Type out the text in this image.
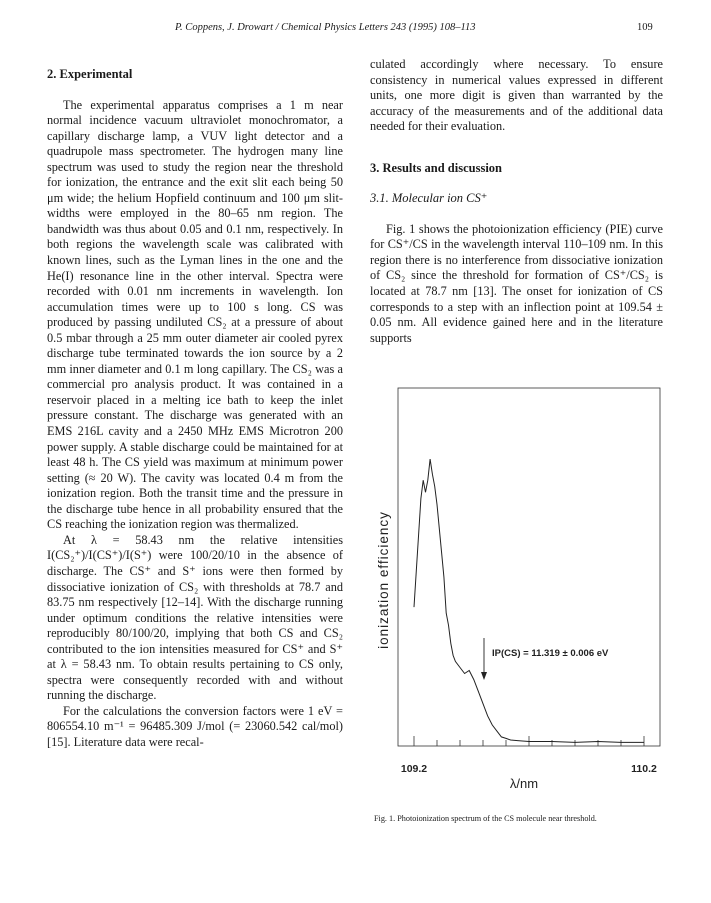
P. Coppens, J. Drowart / Chemical Physics Letters 243 (1995) 108–113	109
2. Experimental

The experimental apparatus comprises a 1 m near normal incidence vacuum ultraviolet monochromator, a capillary discharge lamp, a VUV light detector and a quadrupole mass spectrometer. The hydrogen many line spectrum was used to study the region near the threshold for ionization, the entrance and the exit slit each being 50 μm wide; the helium Hopfield continuum and 100 μm slit-widths were employed in the 80–65 nm region. The bandwidth was thus about 0.05 and 0.1 nm, respectively. In both regions the wavelength scale was calibrated with known lines, such as the Lyman lines in the one and the He(I) resonance line in the other interval. Spectra were recorded with 0.01 nm increments in wavelength. Ion accumulation times were up to 100 s long. CS was produced by passing undiluted CS₂ at a pressure of about 0.5 mbar through a 25 mm outer diameter air cooled pyrex discharge tube terminated towards the ion source by a 2 mm inner diameter and 0.1 m long capillary. The CS₂ was a commercial pro analysis product. It was contained in a reservoir placed in a melting ice bath to keep the inlet pressure constant. The discharge was generated with an EMS 216L cavity and a 2450 MHz EMS Microtron 200 power supply. A stable discharge could be maintained for at least 48 h. The CS yield was maximum at minimum power setting (≈ 20 W). The cavity was located 0.4 m from the ionization region. Both the transit time and the pressure in the discharge tube hence in all probability ensured that the CS reaching the ionization region was thermalized.

At λ = 58.43 nm the relative intensities I(CS₂⁺)/I(CS⁺)/I(S⁺) were 100/20/10 in the absence of discharge. The CS⁺ and S⁺ ions were then formed by dissociative ionization of CS₂ with thresholds at 78.7 and 83.75 nm respectively [12–14]. With the discharge running under optimum conditions the relative intensities were reproducibly 80/100/20, implying that both CS and CS₂ contributed to the ion intensities measured for CS⁺ and S⁺ at λ = 58.43 nm. To obtain results pertaining to CS only, spectra were consequently recorded with and without running the discharge.

For the calculations the conversion factors were 1 eV = 806554.10 m⁻¹ = 96485.309 J/mol (= 23060.542 cal/mol) [15]. Literature data were recal-

culated accordingly where necessary. To ensure consistency in numerical values expressed in different units, one more digit is given than warranted by the accuracy of the measurements and of the additional data needed for their evaluation.

3. Results and discussion
3.1. Molecular ion CS⁺

Fig. 1 shows the photoionization efficiency (PIE) curve for CS⁺/CS in the wavelength interval 110–109 nm. In this region there is no interference from dissociative ionization of CS₂ since the threshold for formation of CS⁺/CS₂ is located at 78.7 nm [13]. The onset for ionization of CS corresponds to a step with an inflection point at 109.54 ± 0.05 nm. All evidence gained here and in the literature supports

IP(CS) = 11.319 ± 0.006 eV
ionization efficiency
109.2	110.2
λ/nm
Fig. 1. Photoionization spectrum of the CS molecule near threshold.
